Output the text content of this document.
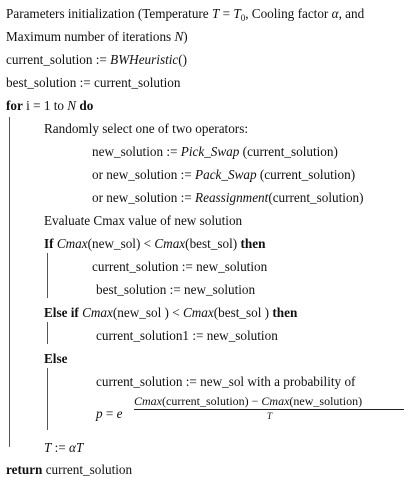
Parameters initialization (Temperature $T = T_0$, Cooling factor α, and
Maximum number of iterations N)
current_solution := BWHeuristic()
best_solution := current_solution
for i = 1 to N do
Randomly select one of two operators:
new_solution := Pick_Swap (current_solution)
or new_solution := Pack_Swap (current_solution)
or new_solution := Reassignment(current_solution)
Evaluate Cmax value of new solution
If Cmax(new_sol) < Cmax(best_sol) then
current_solution := new_solution
best_solution := new_solution
Else if Cmax(new_sol ) < Cmax(best_sol ) then
current_solution1 := new_solution
Else
current_solution := new_sol with a probability of
p = e
Cmax(current_solution) − Cmax(new_solution)
T
T := αT
return current_solution
